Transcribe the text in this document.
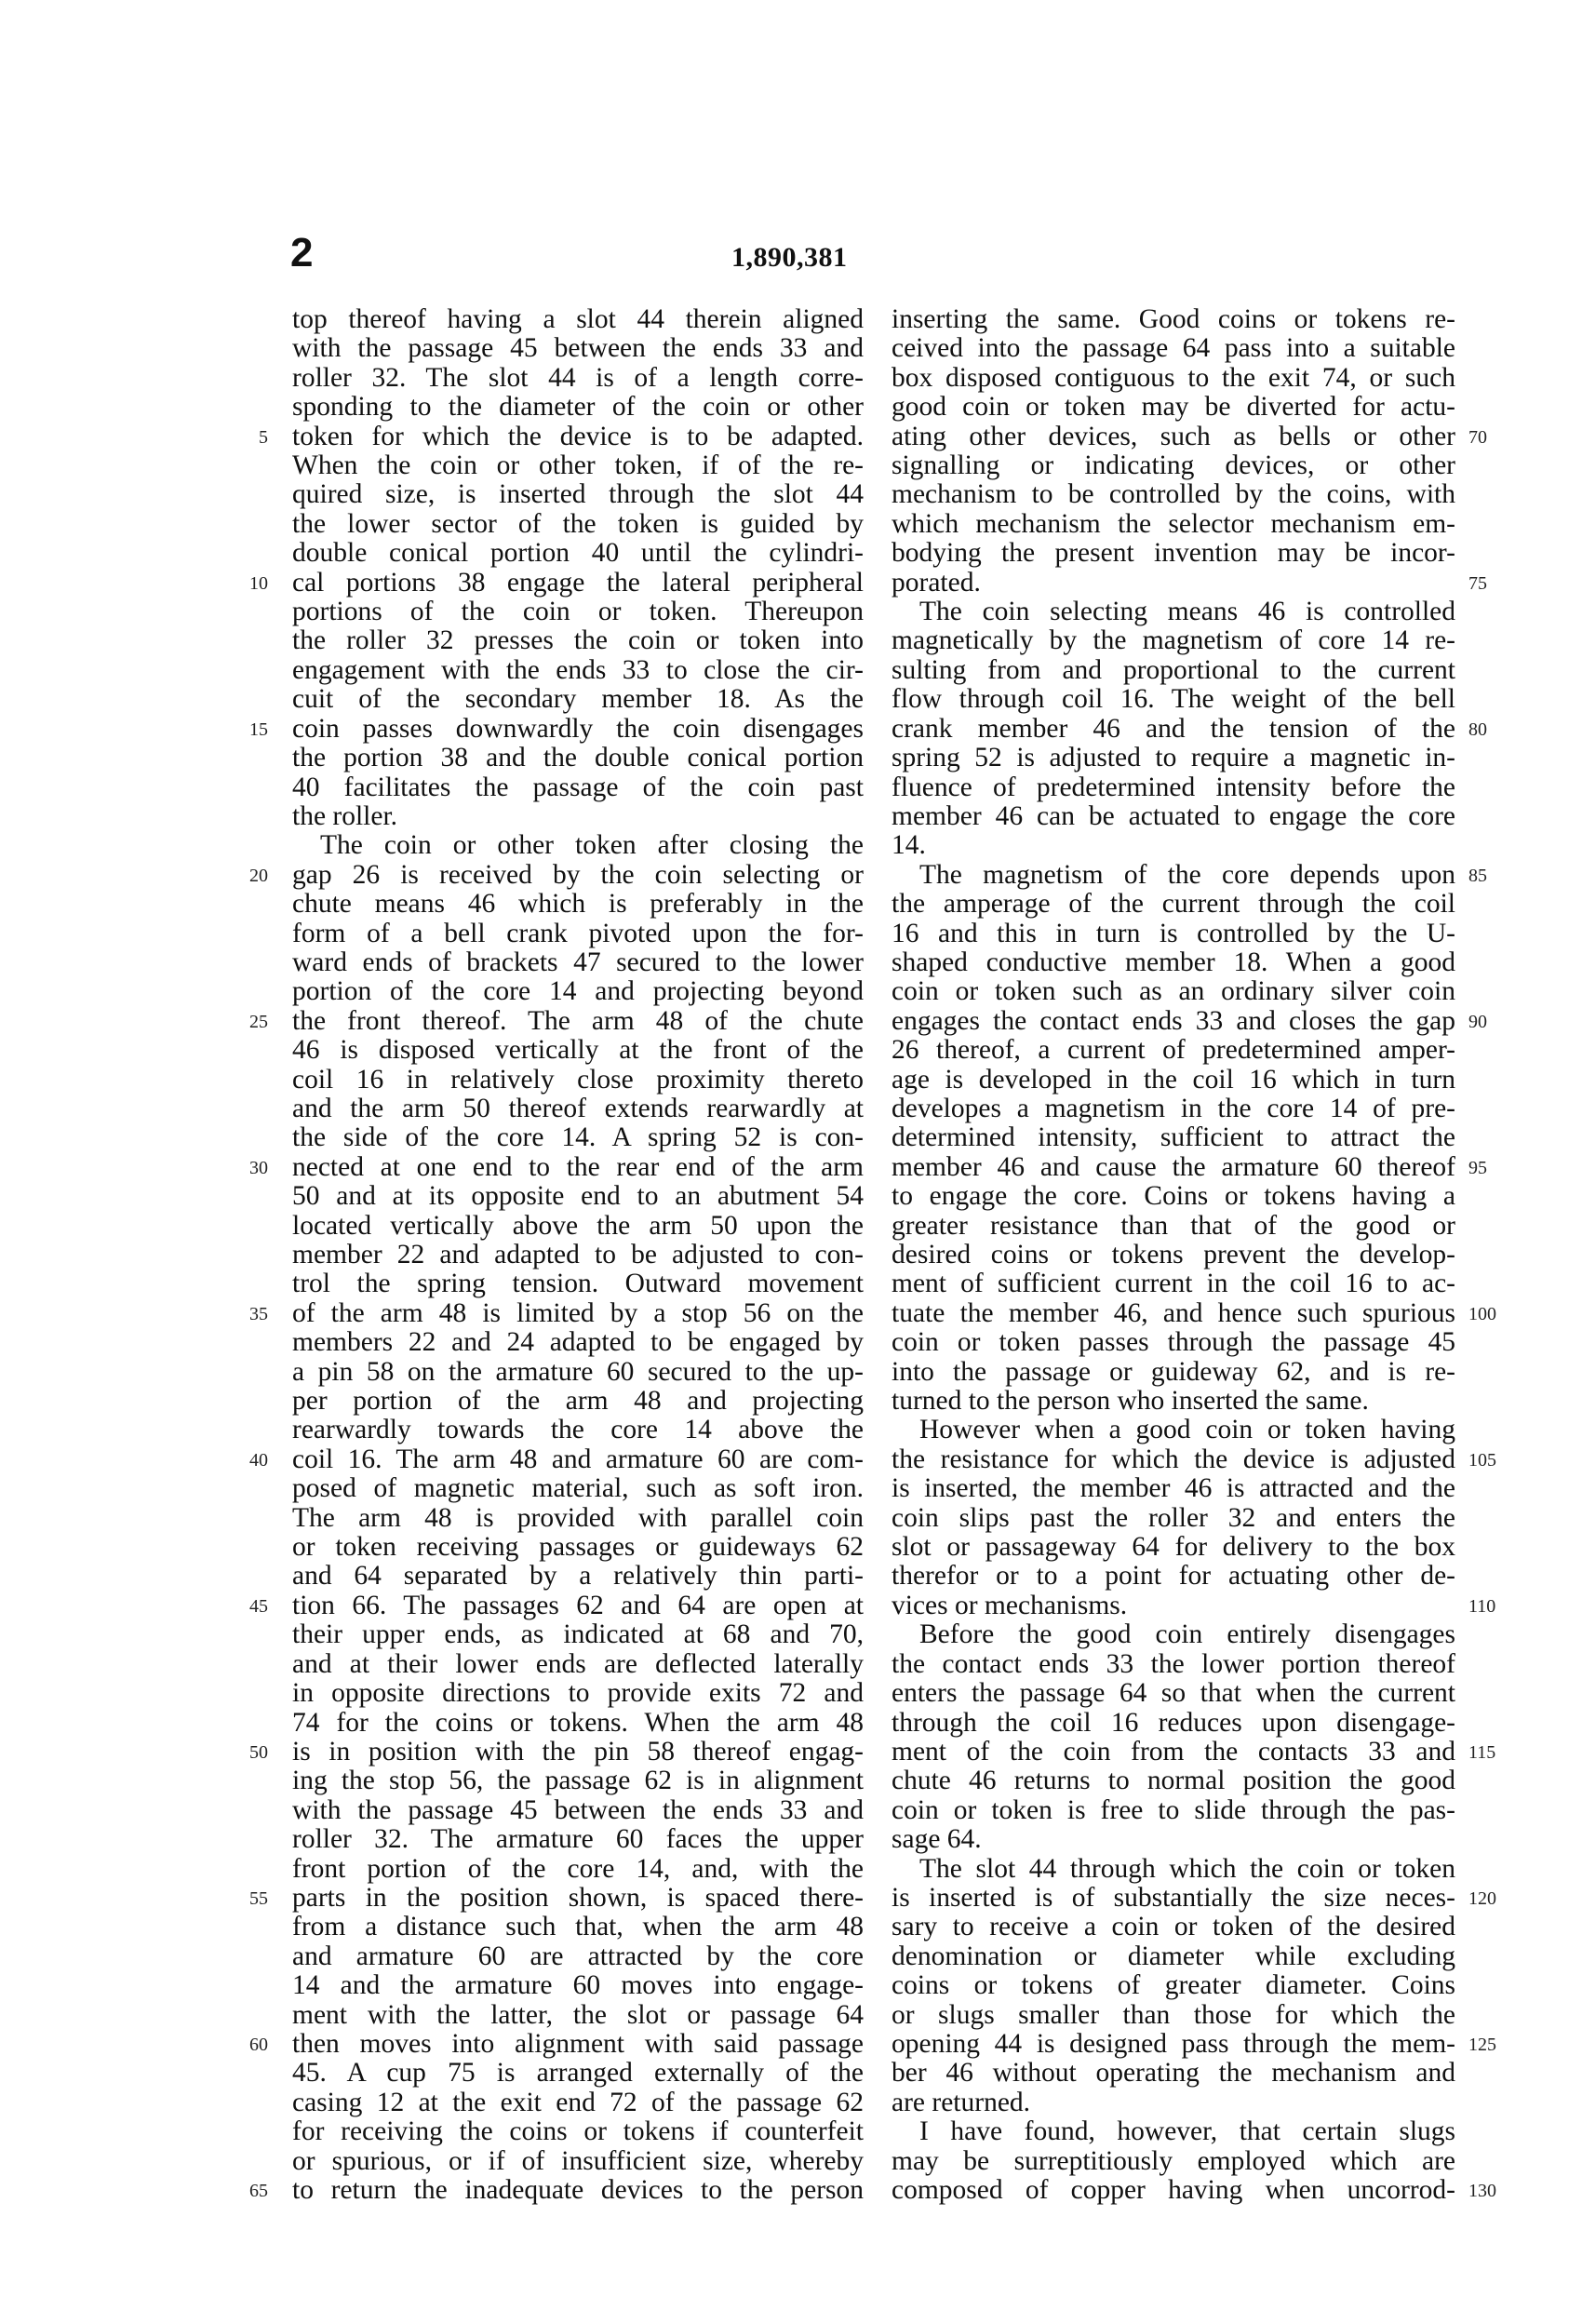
2	1,890,381
top thereof having a slot 44 therein aligned
with the passage 45 between the ends 33 and
roller 32. The slot 44 is of a length corre-
sponding to the diameter of the coin or other
token for which the device is to be adapted.
When the coin or other token, if of the re-
quired size, is inserted through the slot 44
the lower sector of the token is guided by
double conical portion 40 until the cylindri-
cal portions 38 engage the lateral peripheral
portions of the coin or token. Thereupon
the roller 32 presses the coin or token into
engagement with the ends 33 to close the cir-
cuit of the secondary member 18. As the
coin passes downwardly the coin disengages
the portion 38 and the double conical portion
40 facilitates the passage of the coin past
the roller.
The coin or other token after closing the
gap 26 is received by the coin selecting or
chute means 46 which is preferably in the
form of a bell crank pivoted upon the for-
ward ends of brackets 47 secured to the lower
portion of the core 14 and projecting beyond
the front thereof. The arm 48 of the chute
46 is disposed vertically at the front of the
coil 16 in relatively close proximity thereto
and the arm 50 thereof extends rearwardly at
the side of the core 14. A spring 52 is con-
nected at one end to the rear end of the arm
50 and at its opposite end to an abutment 54
located vertically above the arm 50 upon the
member 22 and adapted to be adjusted to con-
trol the spring tension. Outward movement
of the arm 48 is limited by a stop 56 on the
members 22 and 24 adapted to be engaged by
a pin 58 on the armature 60 secured to the up-
per portion of the arm 48 and projecting
rearwardly towards the core 14 above the
coil 16. The arm 48 and armature 60 are com-
posed of magnetic material, such as soft iron.
The arm 48 is provided with parallel coin
or token receiving passages or guideways 62
and 64 separated by a relatively thin parti-
tion 66. The passages 62 and 64 are open at
their upper ends, as indicated at 68 and 70,
and at their lower ends are deflected laterally
in opposite directions to provide exits 72 and
74 for the coins or tokens. When the arm 48
is in position with the pin 58 thereof engag-
ing the stop 56, the passage 62 is in alignment
with the passage 45 between the ends 33 and
roller 32. The armature 60 faces the upper
front portion of the core 14, and, with the
parts in the position shown, is spaced there-
from a distance such that, when the arm 48
and armature 60 are attracted by the core
14 and the armature 60 moves into engage-
ment with the latter, the slot or passage 64
then moves into alignment with said passage
45. A cup 75 is arranged externally of the
casing 12 at the exit end 72 of the passage 62
for receiving the coins or tokens if counterfeit
or spurious, or if of insufficient size, whereby
to return the inadequate devices to the person
inserting the same. Good coins or tokens re-
ceived into the passage 64 pass into a suitable
box disposed contiguous to the exit 74, or such
good coin or token may be diverted for actu-
ating other devices, such as bells or other
signalling or indicating devices, or other
mechanism to be controlled by the coins, with
which mechanism the selector mechanism em-
bodying the present invention may be incor-
porated.
The coin selecting means 46 is controlled
magnetically by the magnetism of core 14 re-
sulting from and proportional to the current
flow through coil 16. The weight of the bell
crank member 46 and the tension of the
spring 52 is adjusted to require a magnetic in-
fluence of predetermined intensity before the
member 46 can be actuated to engage the core
14.
The magnetism of the core depends upon
the amperage of the current through the coil
16 and this in turn is controlled by the U-
shaped conductive member 18. When a good
coin or token such as an ordinary silver coin
engages the contact ends 33 and closes the gap
26 thereof, a current of predetermined amper-
age is developed in the coil 16 which in turn
developes a magnetism in the core 14 of pre-
determined intensity, sufficient to attract the
member 46 and cause the armature 60 thereof
to engage the core. Coins or tokens having a
greater resistance than that of the good or
desired coins or tokens prevent the develop-
ment of sufficient current in the coil 16 to ac-
tuate the member 46, and hence such spurious
coin or token passes through the passage 45
into the passage or guideway 62, and is re-
turned to the person who inserted the same.
However when a good coin or token having
the resistance for which the device is adjusted
is inserted, the member 46 is attracted and the
coin slips past the roller 32 and enters the
slot or passageway 64 for delivery to the box
therefor or to a point for actuating other de-
vices or mechanisms.
Before the good coin entirely disengages
the contact ends 33 the lower portion thereof
enters the passage 64 so that when the current
through the coil 16 reduces upon disengage-
ment of the coin from the contacts 33 and
chute 46 returns to normal position the good
coin or token is free to slide through the pas-
sage 64.
The slot 44 through which the coin or token
is inserted is of substantially the size neces-
sary to receive a coin or token of the desired
denomination or diameter while excluding
coins or tokens of greater diameter. Coins
or slugs smaller than those for which the
opening 44 is designed pass through the mem-
ber 46 without operating the mechanism and
are returned.
I have found, however, that certain slugs
may be surreptitiously employed which are
composed of copper having when uncorrod-
5
10
15
20
25
30
35
40
45
50
55
60
65
70
75
80
85
90
95
100
105
110
115
120
125
130
